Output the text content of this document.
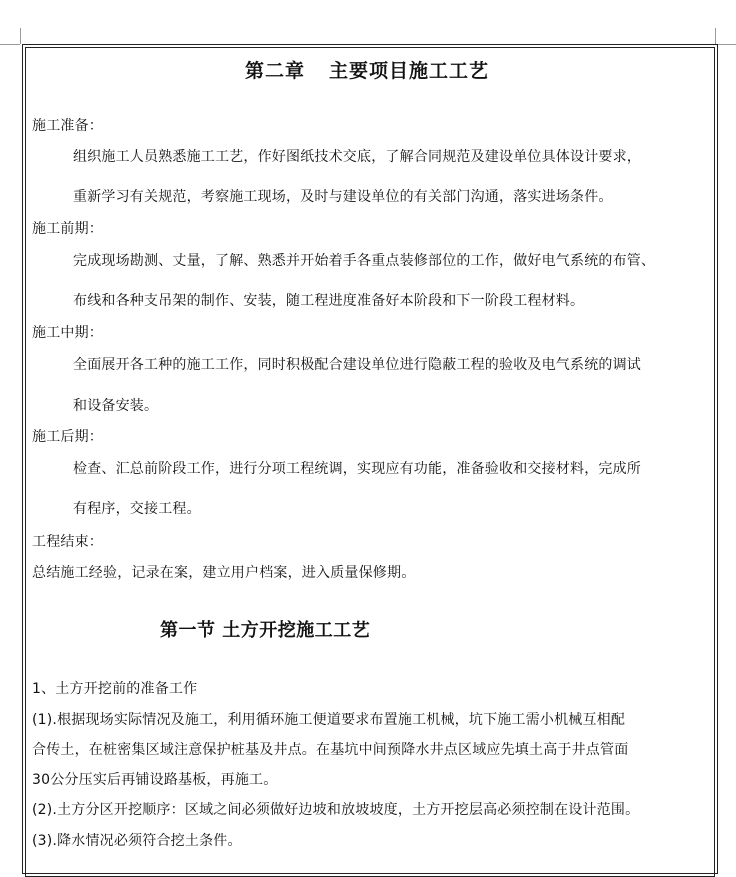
第二章 主要项目施工工艺
施工准备：
组织施工人员熟悉施工工艺，作好图纸技术交底，了解合同规范及建设单位具体设计要求，
重新学习有关规范，考察施工现场，及时与建设单位的有关部门沟通，落实进场条件。
施工前期：
完成现场勘测、丈量，了解、熟悉并开始着手各重点装修部位的工作，做好电气系统的布管、
布线和各种支吊架的制作、安装，随工程进度准备好本阶段和下一阶段工程材料。
施工中期：
全面展开各工种的施工工作，同时积极配合建设单位进行隐蔽工程的验收及电气系统的调试
和设备安装。
施工后期：
检查、汇总前阶段工作，进行分项工程统调，实现应有功能，准备验收和交接材料，完成所
有程序，交接工程。
工程结束：
总结施工经验，记录在案，建立用户档案，进入质量保修期。
第一节 土方开挖施工工艺
1、土方开挖前的准备工作
(1).根据现场实际情况及施工，利用循环施工便道要求布置施工机械，坑下施工需小机械互相配
合传土，在桩密集区域注意保护桩基及井点。在基坑中间预降水井点区域应先填土高于井点管面
30公分压实后再铺设路基板，再施工。
(2).土方分区开挖顺序：区域之间必须做好边坡和放坡坡度，土方开挖层高必须控制在设计范围。
(3).降水情况必须符合挖土条件。
